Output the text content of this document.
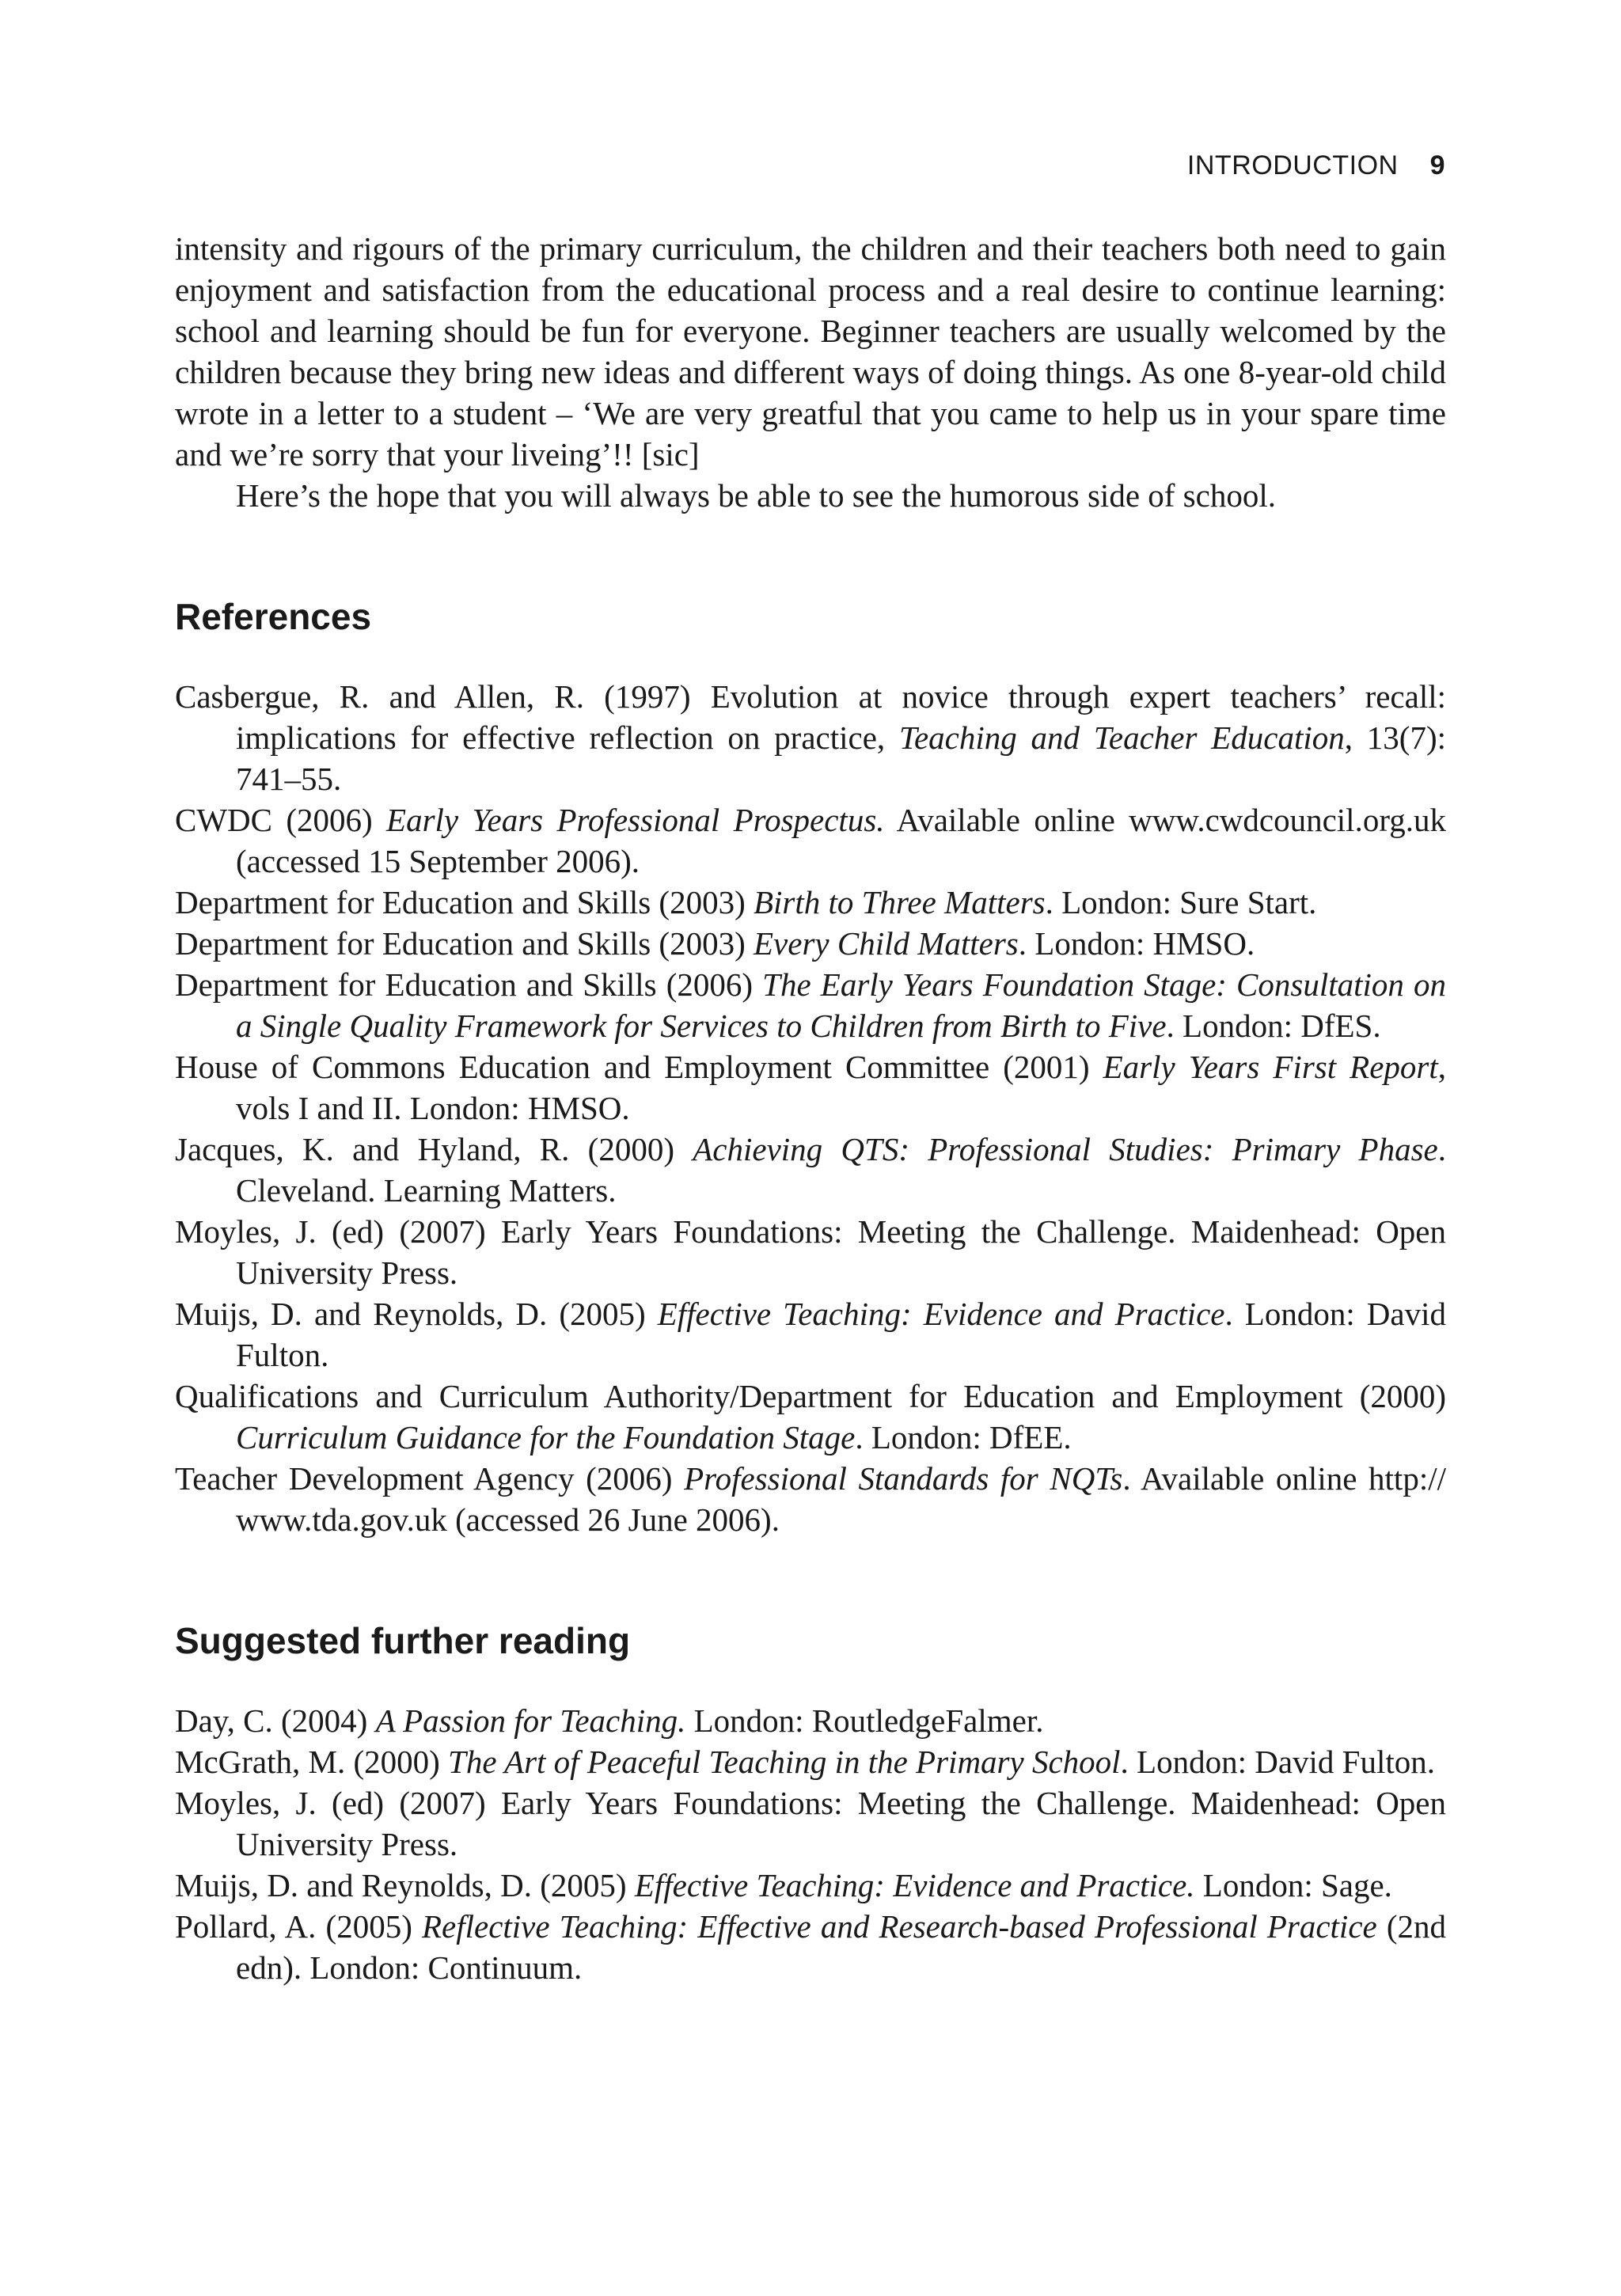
INTRODUCTION 9

intensity and rigours of the primary curriculum, the children and their teachers both need to gain enjoyment and satisfaction from the educational process and a real desire to continue learning: school and learning should be fun for everyone. Beginner teachers are usually welcomed by the children because they bring new ideas and different ways of doing things. As one 8-year-old child wrote in a letter to a student – ‘We are very greatful that you came to help us in your spare time and we’re sorry that your liveing’!! [sic]

Here’s the hope that you will always be able to see the humorous side of school.

References

Casbergue, R. and Allen, R. (1997) Evolution at novice through expert teachers’ recall: implications for effective reflection on practice, Teaching and Teacher Education, 13(7): 741–55.

CWDC (2006) Early Years Professional Prospectus. Available online www.cwdcouncil.org.uk (accessed 15 September 2006).

Department for Education and Skills (2003) Birth to Three Matters. London: Sure Start.

Department for Education and Skills (2003) Every Child Matters. London: HMSO.

Department for Education and Skills (2006) The Early Years Foundation Stage: Consultation on a Single Quality Framework for Services to Children from Birth to Five. London: DfES.

House of Commons Education and Employment Committee (2001) Early Years First Report, vols I and II. London: HMSO.

Jacques, K. and Hyland, R. (2000) Achieving QTS: Professional Studies: Primary Phase. Cleveland. Learning Matters.

Moyles, J. (ed) (2007) Early Years Foundations: Meeting the Challenge. Maidenhead: Open University Press.

Muijs, D. and Reynolds, D. (2005) Effective Teaching: Evidence and Practice. London: David Fulton.

Qualifications and Curriculum Authority/Department for Education and Employment (2000) Curriculum Guidance for the Foundation Stage. London: DfEE.

Teacher Development Agency (2006) Professional Standards for NQTs. Available online http:// www.tda.gov.uk (accessed 26 June 2006).

Suggested further reading

Day, C. (2004) A Passion for Teaching. London: RoutledgeFalmer.

McGrath, M. (2000) The Art of Peaceful Teaching in the Primary School. London: David Fulton.

Moyles, J. (ed) (2007) Early Years Foundations: Meeting the Challenge. Maidenhead: Open University Press.

Muijs, D. and Reynolds, D. (2005) Effective Teaching: Evidence and Practice. London: Sage.

Pollard, A. (2005) Reflective Teaching: Effective and Research-based Professional Practice (2nd edn). London: Continuum.
